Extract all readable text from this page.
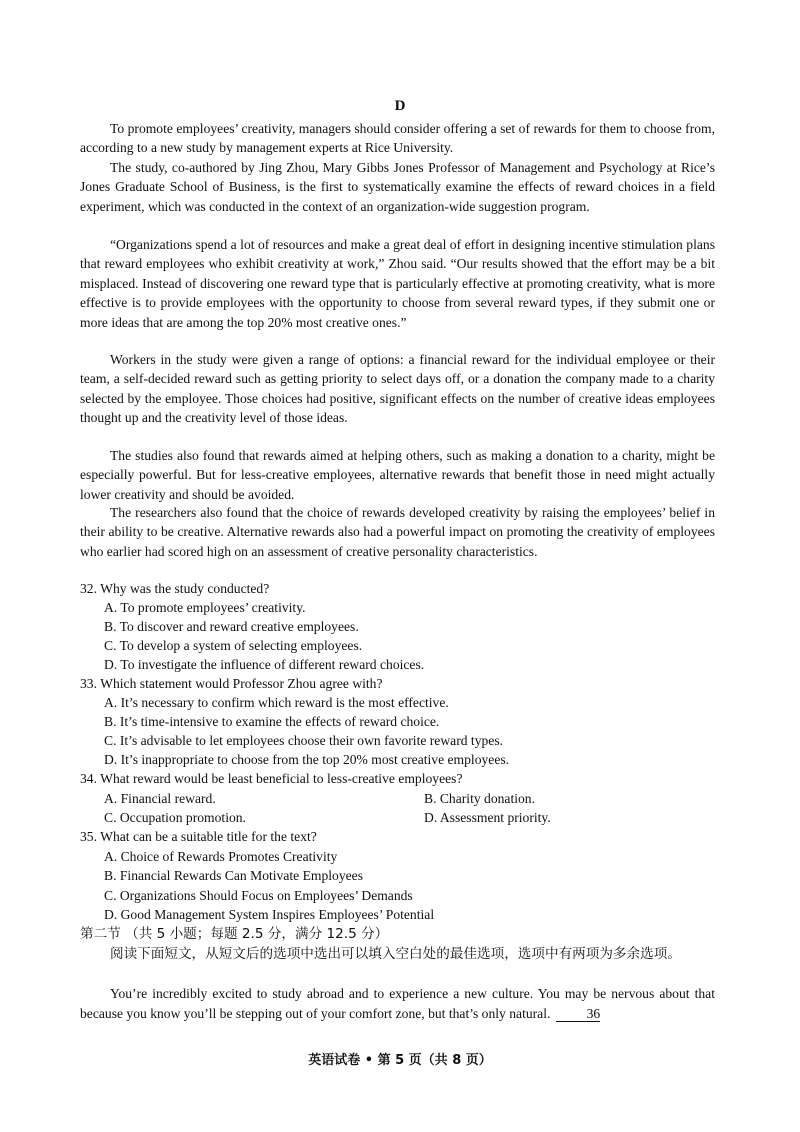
D

To promote employees’ creativity, managers should consider offering a set of rewards for them to choose from, according to a new study by management experts at Rice University.

The study, co-authored by Jing Zhou, Mary Gibbs Jones Professor of Management and Psychology at Rice’s Jones Graduate School of Business, is the first to systematically examine the effects of reward choices in a field experiment, which was conducted in the context of an organization-wide suggestion program.

“Organizations spend a lot of resources and make a great deal of effort in designing incentive stimulation plans that reward employees who exhibit creativity at work,” Zhou said. “Our results showed that the effort may be a bit misplaced. Instead of discovering one reward type that is particularly effective at promoting creativity, what is more effective is to provide employees with the opportunity to choose from several reward types, if they submit one or more ideas that are among the top 20% most creative ones.”

Workers in the study were given a range of options: a financial reward for the individual employee or their team, a self-decided reward such as getting priority to select days off, or a donation the company made to a charity selected by the employee. Those choices had positive, significant effects on the number of creative ideas employees thought up and the creativity level of those ideas.

The studies also found that rewards aimed at helping others, such as making a donation to a charity, might be especially powerful. But for less-creative employees, alternative rewards that benefit those in need might actually lower creativity and should be avoided.

The researchers also found that the choice of rewards developed creativity by raising the employees’ belief in their ability to be creative. Alternative rewards also had a powerful impact on promoting the creativity of employees who earlier had scored high on an assessment of creative personality characteristics.

32. Why was the study conducted?
A. To promote employees’ creativity.
B. To discover and reward creative employees.
C. To develop a system of selecting employees.
D. To investigate the influence of different reward choices.
33. Which statement would Professor Zhou agree with?
A. It’s necessary to confirm which reward is the most effective.
B. It’s time-intensive to examine the effects of reward choice.
C. It’s advisable to let employees choose their own favorite reward types.
D. It’s inappropriate to choose from the top 20% most creative employees.
34. What reward would be least beneficial to less-creative employees?
A. Financial reward.	B. Charity donation.
C. Occupation promotion.	D. Assessment priority.
35. What can be a suitable title for the text?
A. Choice of Rewards Promotes Creativity
B. Financial Rewards Can Motivate Employees
C. Organizations Should Focus on Employees’ Demands
D. Good Management System Inspires Employees’ Potential
第二节 （共 5 小题；每题 2.5 分，满分 12.5 分）

阅读下面短文，从短文后的选项中选出可以填入空白处的最佳选项，选项中有两项为多余选项。

You’re incredibly excited to study abroad and to experience a new culture. You may be nervous about that because you know you’ll be stepping out of your comfort zone, but that’s only natural.	36

英语试卷 • 第 5 页（共 8 页）
